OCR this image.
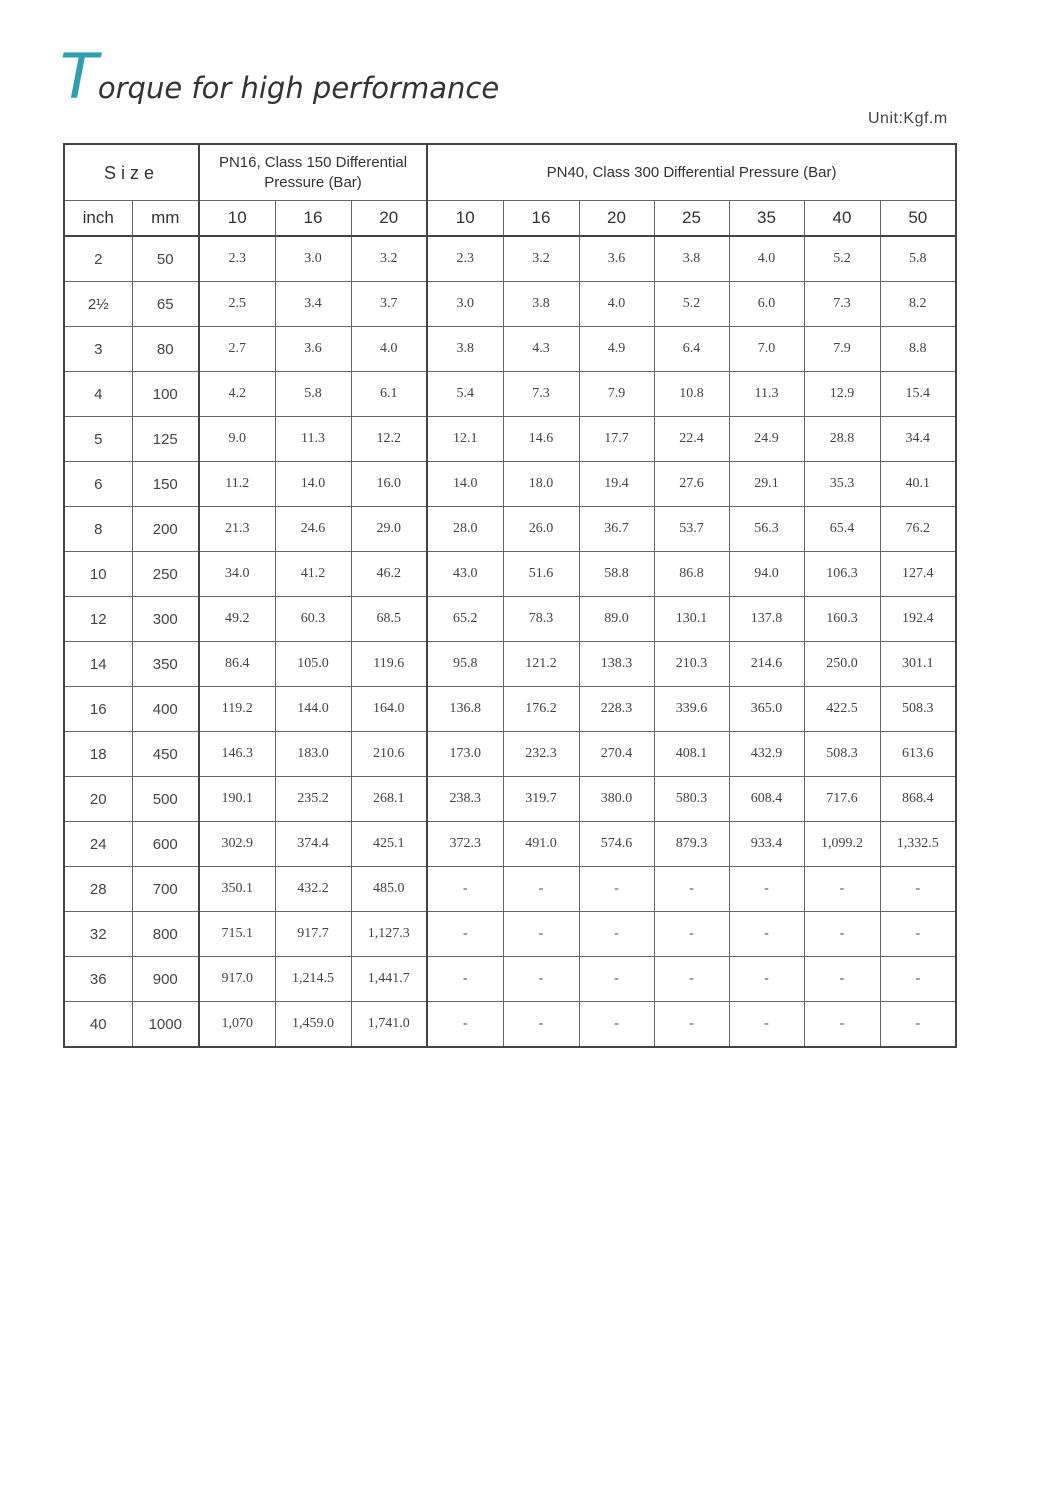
Torque for high performance
Unit:Kgf.m
Size		PN16, Class 150 Differential Pressure (Bar)			PN40, Class 300 Differential Pressure (Bar)						
inch	mm	10	16	20	10	16	20	25	35	40	50
2	50	2.3	3.0	3.2	2.3	3.2	3.6	3.8	4.0	5.2	5.8
2½	65	2.5	3.4	3.7	3.0	3.8	4.0	5.2	6.0	7.3	8.2
3	80	2.7	3.6	4.0	3.8	4.3	4.9	6.4	7.0	7.9	8.8
4	100	4.2	5.8	6.1	5.4	7.3	7.9	10.8	11.3	12.9	15.4
5	125	9.0	11.3	12.2	12.1	14.6	17.7	22.4	24.9	28.8	34.4
6	150	11.2	14.0	16.0	14.0	18.0	19.4	27.6	29.1	35.3	40.1
8	200	21.3	24.6	29.0	28.0	26.0	36.7	53.7	56.3	65.4	76.2
10	250	34.0	41.2	46.2	43.0	51.6	58.8	86.8	94.0	106.3	127.4
12	300	49.2	60.3	68.5	65.2	78.3	89.0	130.1	137.8	160.3	192.4
14	350	86.4	105.0	119.6	95.8	121.2	138.3	210.3	214.6	250.0	301.1
16	400	119.2	144.0	164.0	136.8	176.2	228.3	339.6	365.0	422.5	508.3
18	450	146.3	183.0	210.6	173.0	232.3	270.4	408.1	432.9	508.3	613.6
20	500	190.1	235.2	268.1	238.3	319.7	380.0	580.3	608.4	717.6	868.4
24	600	302.9	374.4	425.1	372.3	491.0	574.6	879.3	933.4	1,099.2	1,332.5
28	700	350.1	432.2	485.0	-	-	-	-	-	-	-
32	800	715.1	917.7	1,127.3	-	-	-	-	-	-	-
36	900	917.0	1,214.5	1,441.7	-	-	-	-	-	-	-
40	1000	1,070	1,459.0	1,741.0	-	-	-	-	-	-	-
